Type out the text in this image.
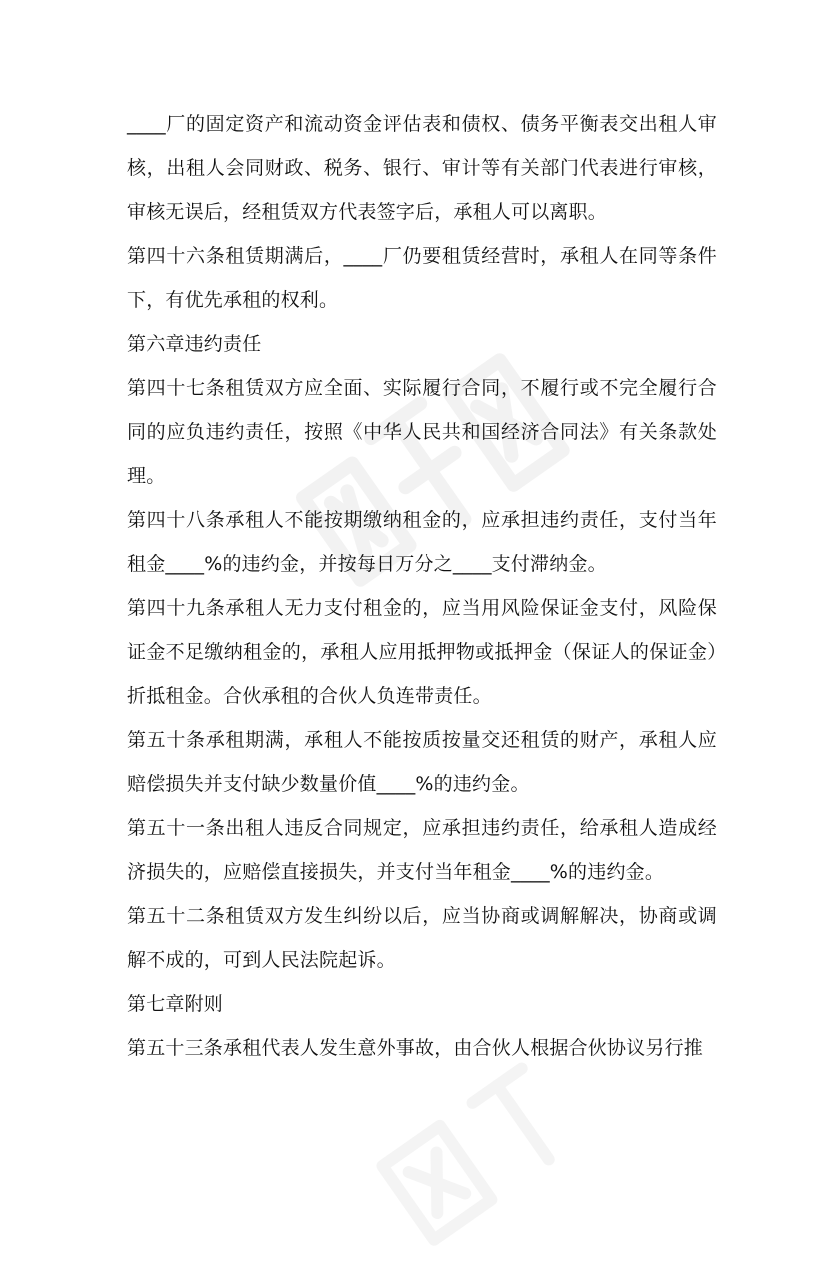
____厂的固定资产和流动资金评估表和债权、债务平衡表交出租人审核，出租人会同财政、税务、银行、审计等有关部门代表进行审核，审核无误后，经租赁双方代表签字后，承租人可以离职。

第四十六条租赁期满后，____厂仍要租赁经营时，承租人在同等条件下，有优先承租的权利。

第六章违约责任

第四十七条租赁双方应全面、实际履行合同，不履行或不完全履行合同的应负违约责任，按照《中华人民共和国经济合同法》有关条款处理。

第四十八条承租人不能按期缴纳租金的，应承担违约责任，支付当年租金____%的违约金，并按每日万分之____支付滞纳金。

第四十九条承租人无力支付租金的，应当用风险保证金支付，风险保证金不足缴纳租金的，承租人应用抵押物或抵押金（保证人的保证金）折抵租金。合伙承租的合伙人负连带责任。

第五十条承租期满，承租人不能按质按量交还租赁的财产，承租人应赔偿损失并支付缺少数量价值____%的违约金。

第五十一条出租人违反合同规定，应承担违约责任，给承租人造成经济损失的，应赔偿直接损失，并支付当年租金____%的违约金。

第五十二条租赁双方发生纠纷以后，应当协商或调解解决，协商或调解不成的，可到人民法院起诉。

第七章附则

第五十三条承租代表人发生意外事故，由合伙人根据合伙协议另行推
